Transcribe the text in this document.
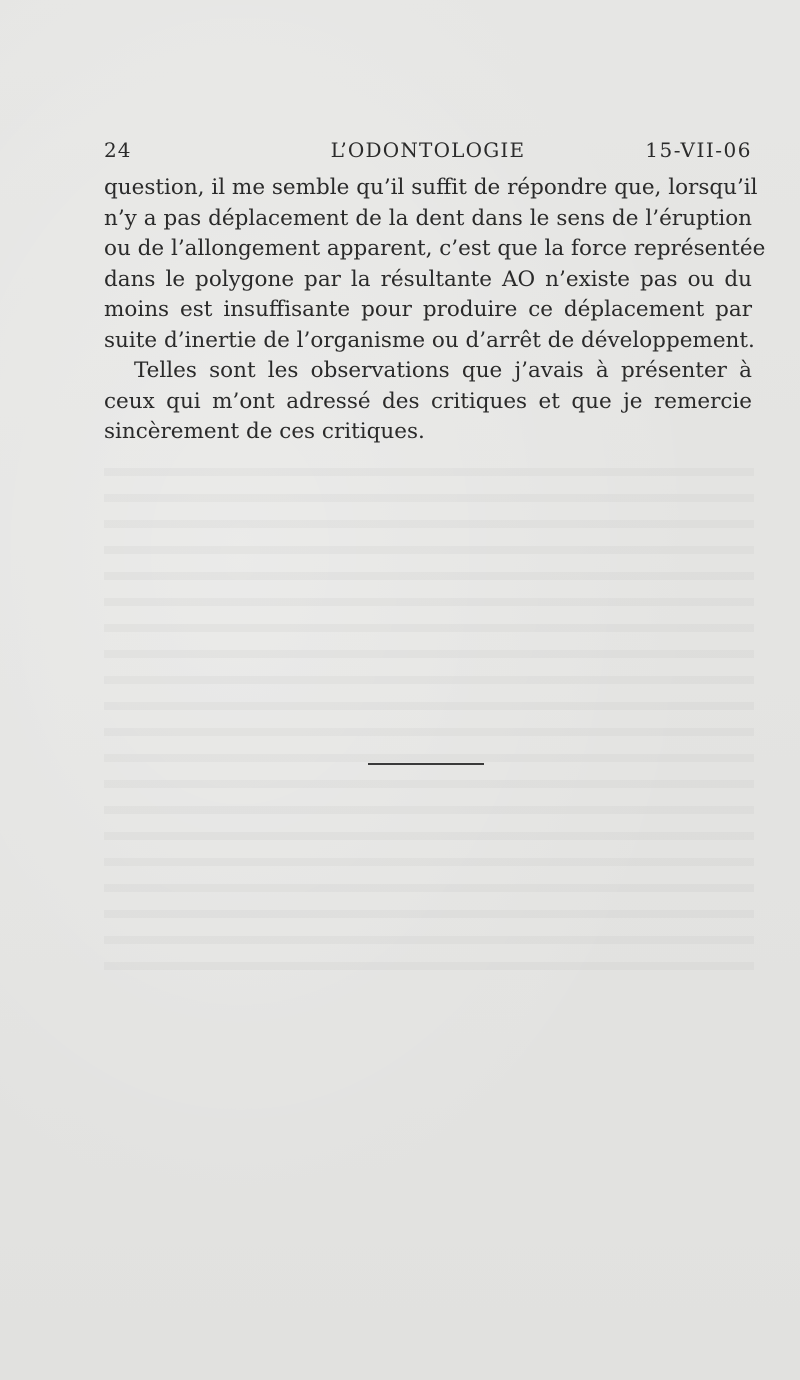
24	L’ODONTOLOGIE	15-VII-06

question, il me semble qu’il suffit de répondre que, lorsqu’il

n’y a pas déplacement de la dent dans le sens de l’éruption

ou de l’allongement apparent, c’est que la force représentée

dans le polygone par la résultante AO n’existe pas ou du

moins est insuffisante pour produire ce déplacement par

suite d’inertie de l’organisme ou d’arrêt de développement.

Telles sont les observations que j’avais à présenter à

ceux qui m’ont adressé des critiques et que je remercie

sincèrement de ces critiques.
